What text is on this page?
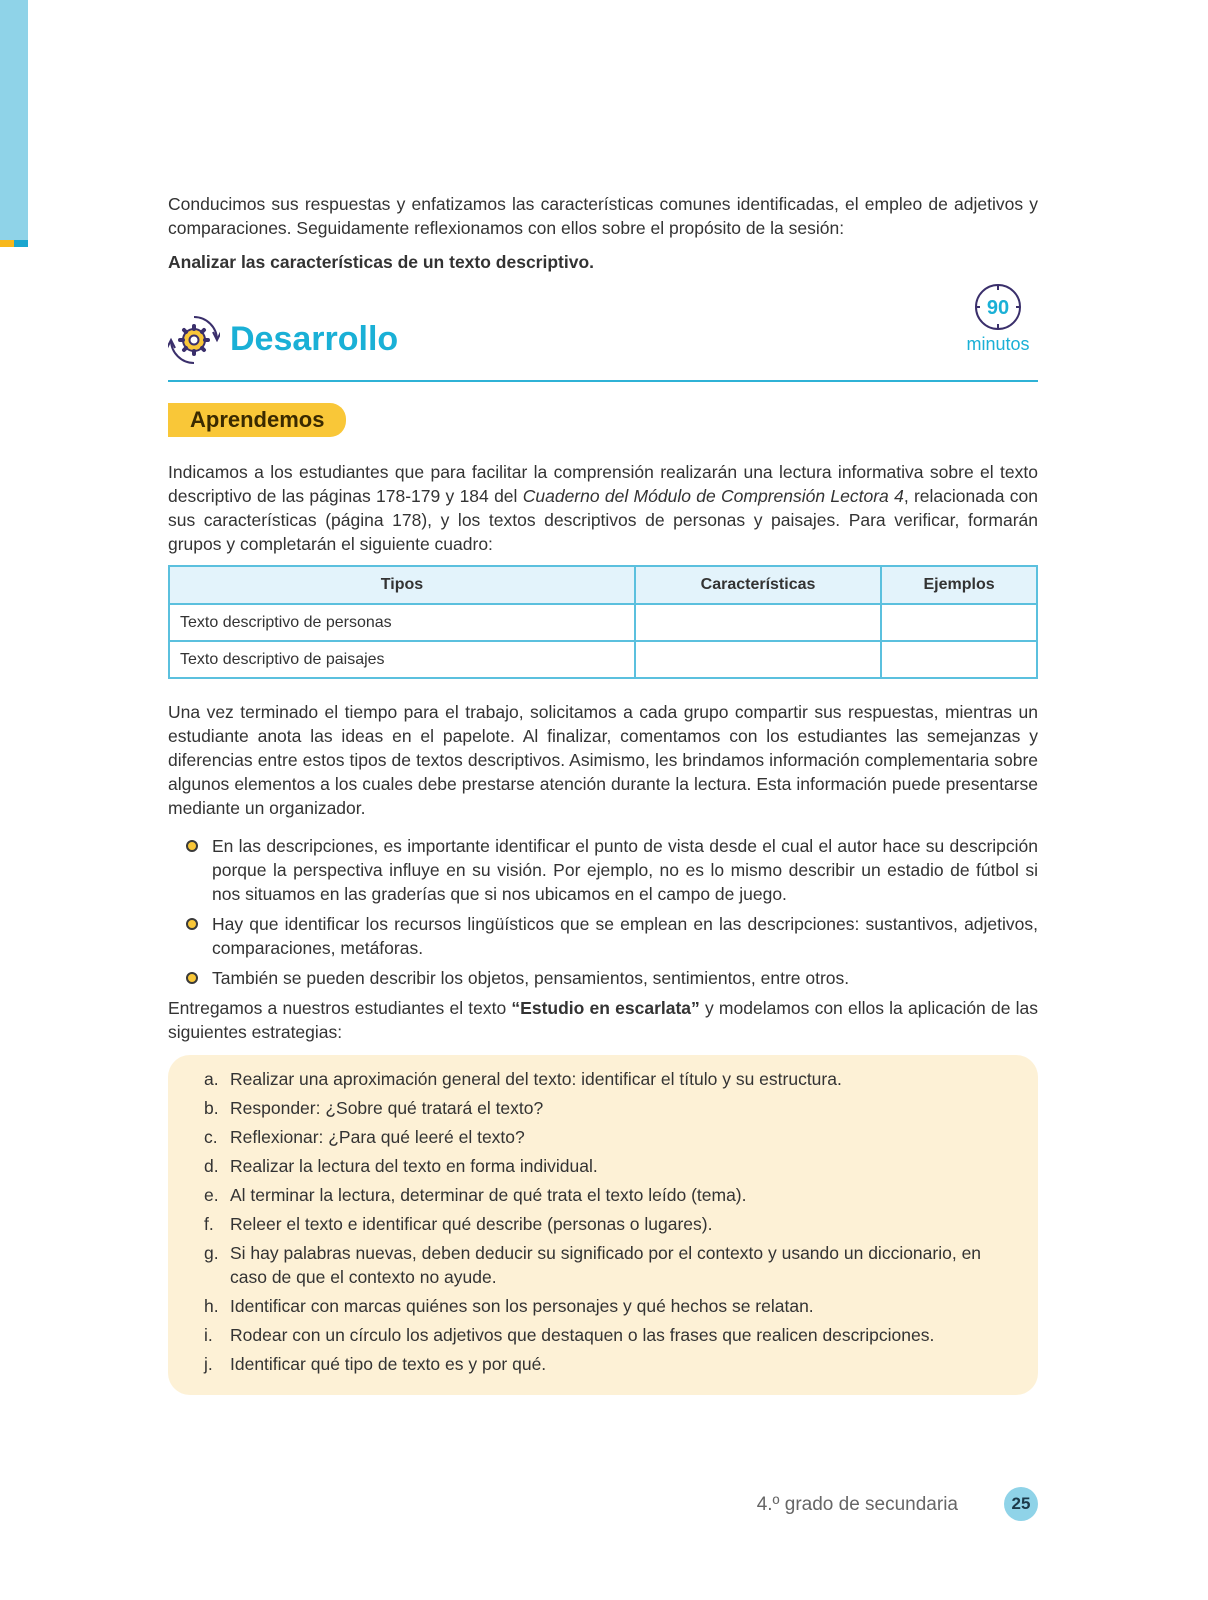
Conducimos sus respuestas y enfatizamos las características comunes identificadas, el empleo de adjetivos y comparaciones. Seguidamente reflexionamos con ellos sobre el propósito de la sesión:

Analizar las características de un texto descriptivo.
Desarrollo
90
minutos
Aprendemos

Indicamos a los estudiantes que para facilitar la comprensión realizarán una lectura informativa sobre el texto descriptivo de las páginas 178-179 y 184 del Cuaderno del Módulo de Comprensión Lectora 4, relacionada con sus características (página 178), y los textos descriptivos de personas y paisajes. Para verificar, formarán grupos y completarán el siguiente cuadro:

Tipos	Características	Ejemplos
Texto descriptivo de personas		
Texto descriptivo de paisajes		

Una vez terminado el tiempo para el trabajo, solicitamos a cada grupo compartir sus respuestas, mientras un estudiante anota las ideas en el papelote. Al finalizar, comentamos con los estudiantes las semejanzas y diferencias entre estos tipos de textos descriptivos. Asimismo, les brindamos información complementaria sobre algunos elementos a los cuales debe prestarse atención durante la lectura. Esta información puede presentarse mediante un organizador.

En las descripciones, es importante identificar el punto de vista desde el cual el autor hace su descripción porque la perspectiva influye en su visión. Por ejemplo, no es lo mismo describir un estadio de fútbol si nos situamos en las graderías que si nos ubicamos en el campo de juego.
Hay que identificar los recursos lingüísticos que se emplean en las descripciones: sustantivos, adjetivos, comparaciones, metáforas.
También se pueden describir los objetos, pensamientos, sentimientos, entre otros.

Entregamos a nuestros estudiantes el texto “Estudio en escarlata” y modelamos con ellos la aplicación de las siguientes estrategias:

a. Realizar una aproximación general del texto: identificar el título y su estructura.
b. Responder: ¿Sobre qué tratará el texto?
c. Reflexionar: ¿Para qué leeré el texto?
d. Realizar la lectura del texto en forma individual.
e. Al terminar la lectura, determinar de qué trata el texto leído (tema).
f. Releer el texto e identificar qué describe (personas o lugares).
g. Si hay palabras nuevas, deben deducir su significado por el contexto y usando un diccionario, en caso de que el contexto no ayude.
h. Identificar con marcas quiénes son los personajes y qué hechos se relatan.
i. Rodear con un círculo los adjetivos que destaquen o las frases que realicen descripciones.
j. Identificar qué tipo de texto es y por qué.
4.º grado de secundaria	25
